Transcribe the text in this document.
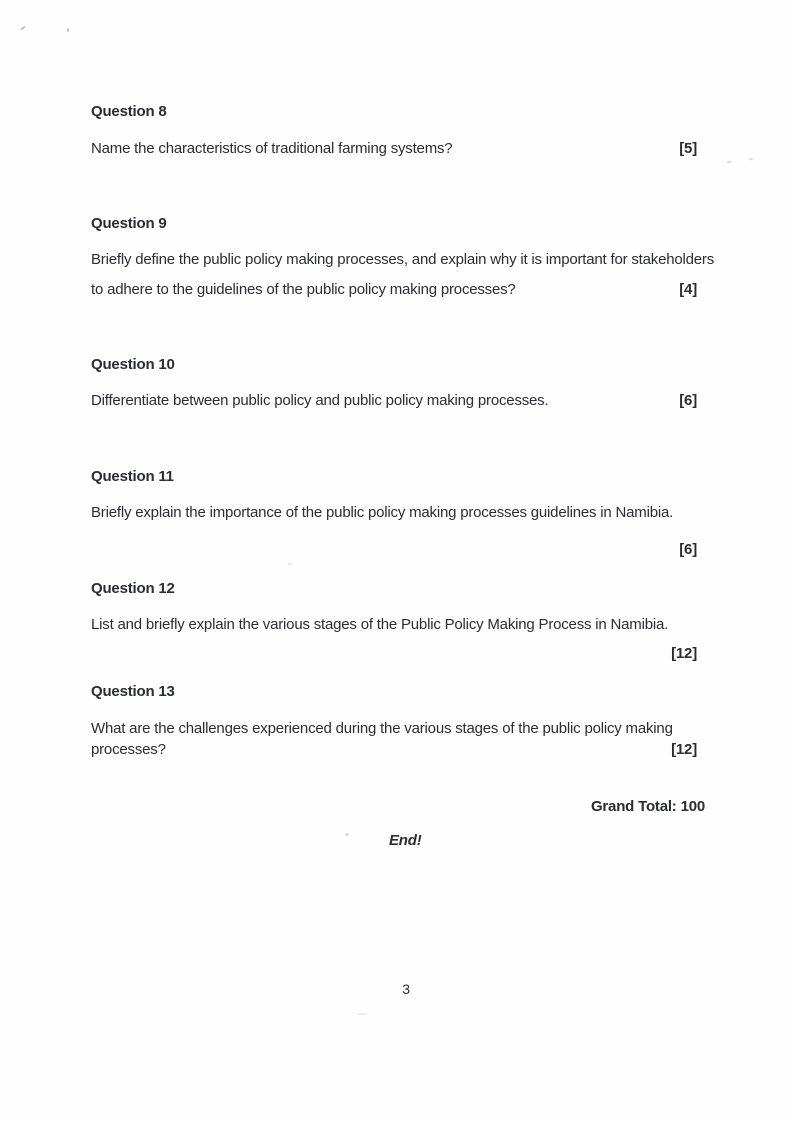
Question 8
Name the characteristics of traditional farming systems?	[5]
Question 9
Briefly define the public policy making processes, and explain why it is important for stakeholders
to adhere to the guidelines of the public policy making processes?	[4]
Question 10
Differentiate between public policy and public policy making processes.	[6]
Question 11
Briefly explain the importance of the public policy making processes guidelines in Namibia.
[6]
Question 12
List and briefly explain the various stages of the Public Policy Making Process in Namibia.
[12]
Question 13
What are the challenges experienced during the various stages of the public policy making
processes?	[12]
Grand Total: 100
End!
3
